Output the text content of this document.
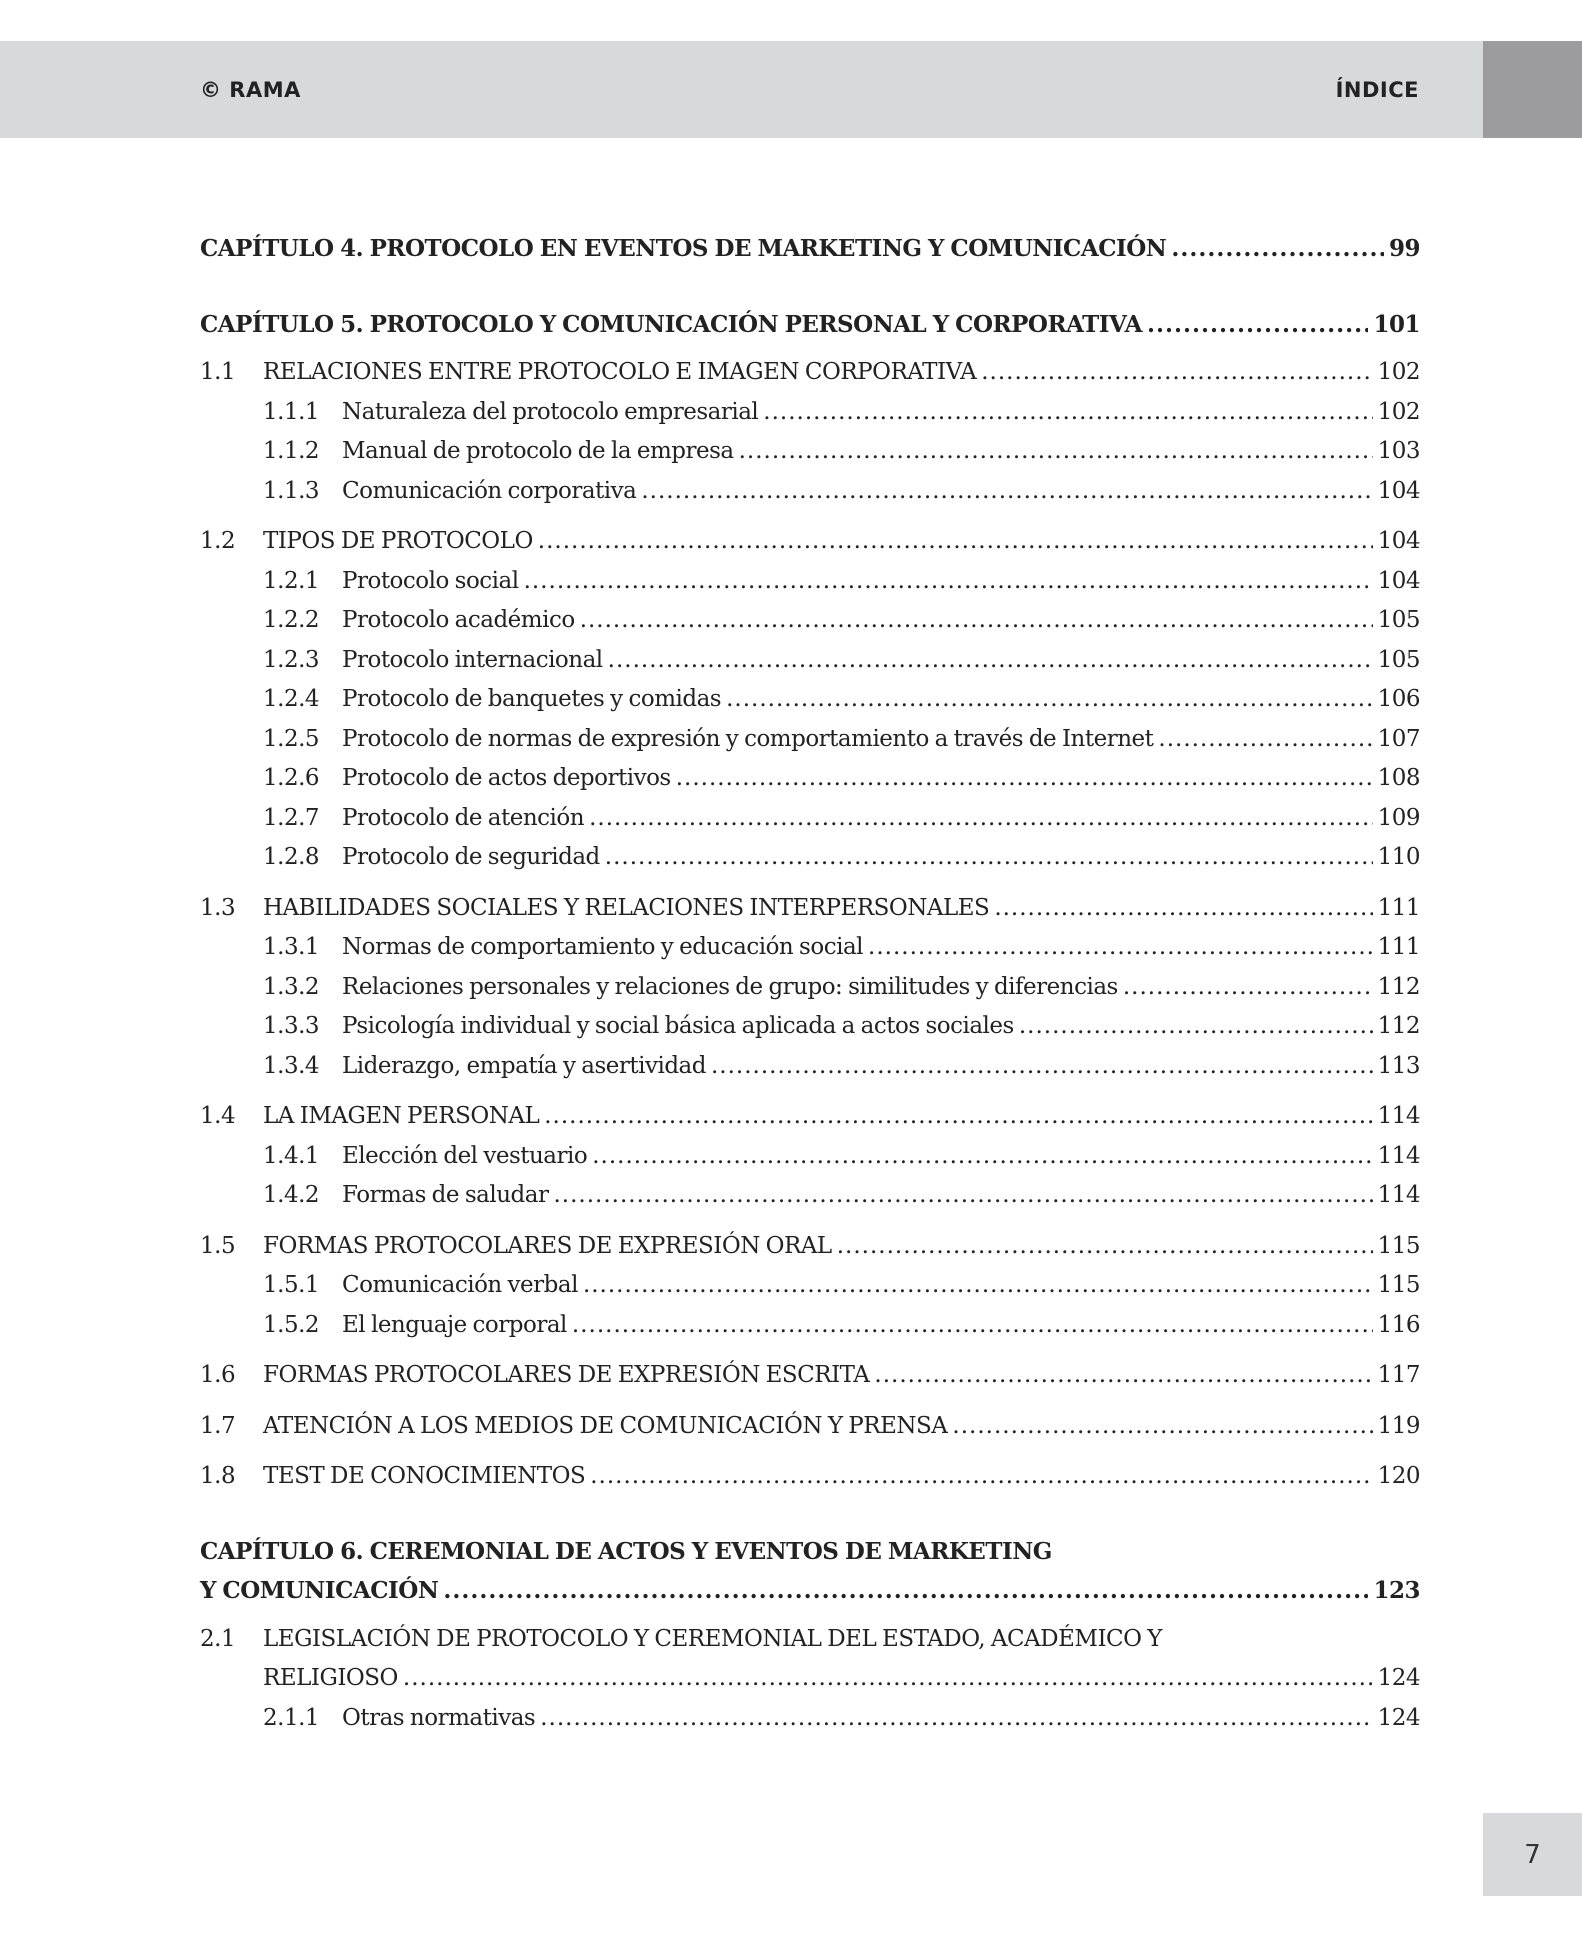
© RAMA	ÍNDICE
CAPÍTULO 4. PROTOCOLO EN EVENTOS DE MARKETING Y COMUNICACIÓN .....	99
CAPÍTULO 5. PROTOCOLO Y COMUNICACIÓN PERSONAL Y CORPORATIVA .....	101
1.1	RELACIONES ENTRE PROTOCOLO E IMAGEN CORPORATIVA .....	102
1.1.1 Naturaleza del protocolo empresarial .....	102
1.1.2 Manual de protocolo de la empresa .....	103
1.1.3 Comunicación corporativa .....	104
1.2	TIPOS DE PROTOCOLO .....	104
1.2.1 Protocolo social .....	104
1.2.2 Protocolo académico .....	105
1.2.3 Protocolo internacional .....	105
1.2.4 Protocolo de banquetes y comidas .....	106
1.2.5 Protocolo de normas de expresión y comportamiento a través de Internet .....	107
1.2.6 Protocolo de actos deportivos .....	108
1.2.7 Protocolo de atención .....	109
1.2.8 Protocolo de seguridad .....	110
1.3	HABILIDADES SOCIALES Y RELACIONES INTERPERSONALES .....	111
1.3.1 Normas de comportamiento y educación social .....	111
1.3.2 Relaciones personales y relaciones de grupo: similitudes y diferencias .....	112
1.3.3 Psicología individual y social básica aplicada a actos sociales .....	112
1.3.4 Liderazgo, empatía y asertividad .....	113
1.4	LA IMAGEN PERSONAL .....	114
1.4.1 Elección del vestuario .....	114
1.4.2 Formas de saludar .....	114
1.5	FORMAS PROTOCOLARES DE EXPRESIÓN ORAL .....	115
1.5.1 Comunicación verbal .....	115
1.5.2 El lenguaje corporal .....	116
1.6	FORMAS PROTOCOLARES DE EXPRESIÓN ESCRITA .....	117
1.7	ATENCIÓN A LOS MEDIOS DE COMUNICACIÓN Y PRENSA .....	119
1.8	TEST DE CONOCIMIENTOS .....	120
CAPÍTULO 6. CEREMONIAL DE ACTOS Y EVENTOS DE MARKETING
Y COMUNICACIÓN .....	123
2.1	LEGISLACIÓN DE PROTOCOLO Y CEREMONIAL DEL ESTADO, ACADÉMICO Y
RELIGIOSO .....	124
2.1.1 Otras normativas .....	124
7
